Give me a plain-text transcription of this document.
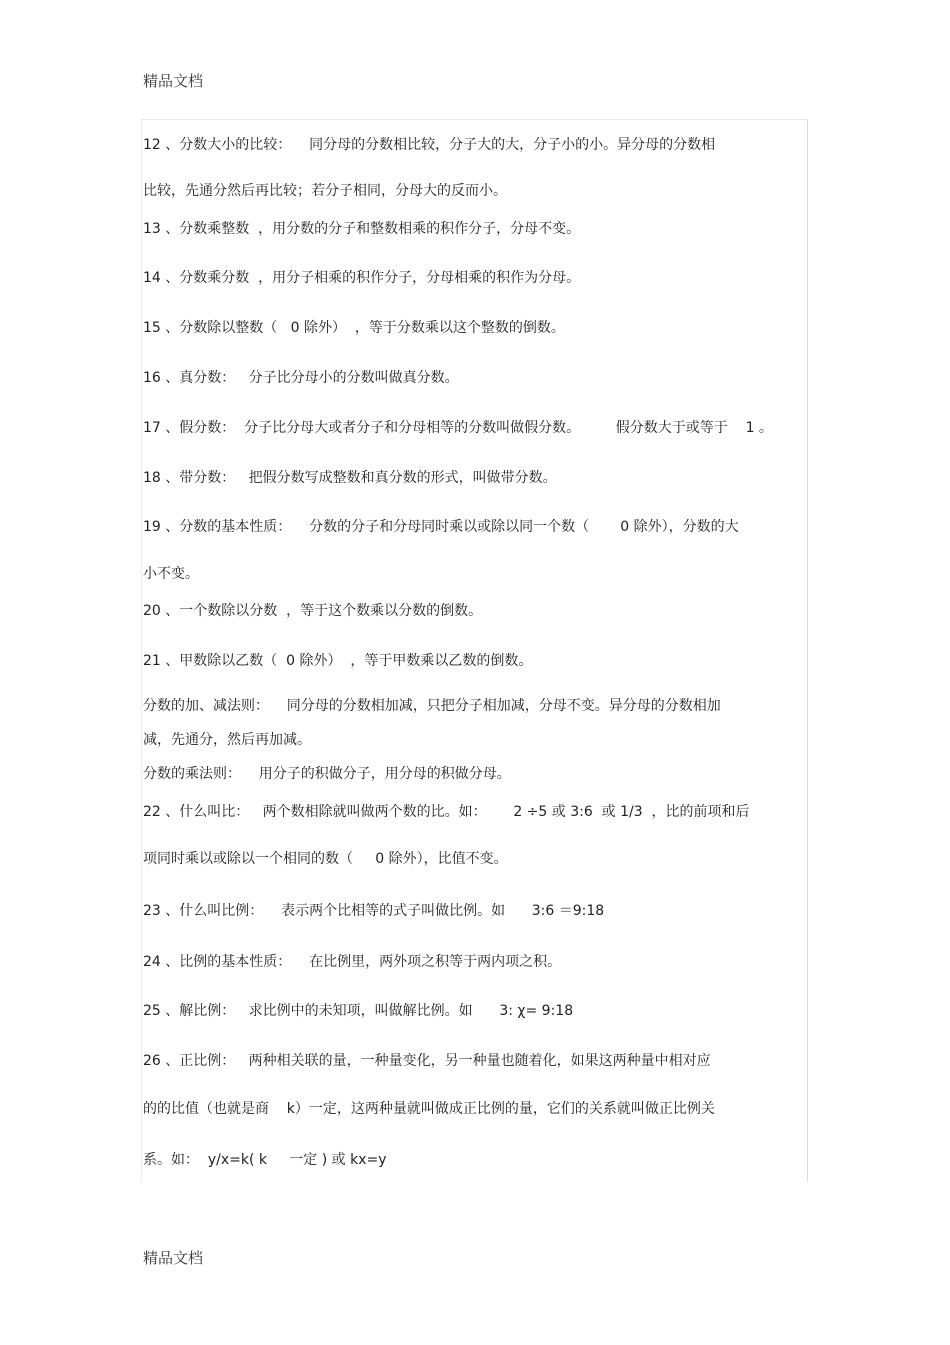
精品文档
12 、分数大小的比较：    同分母的分数相比较，分子大的大，分子小的小。异分母的分数相
比较，先通分然后再比较；若分子相同，分母大的反而小。
13 、分数乘整数  ，用分数的分子和整数相乘的积作分子，分母不变。
14 、分数乘分数  ，用分子相乘的积作分子，分母相乘的积作为分母。
15 、分数除以整数（   0 除外）  ，等于分数乘以这个整数的倒数。
16 、真分数：   分子比分母小的分数叫做真分数。
17 、假分数：  分子比分母大或者分子和分母相等的分数叫做假分数。        假分数大于或等于    1 。
18 、带分数：   把假分数写成整数和真分数的形式，叫做带分数。
19 、分数的基本性质：    分数的分子和分母同时乘以或除以同一个数（       0 除外），分数的大
小不变。
20 、一个数除以分数  ，等于这个数乘以分数的倒数。
21 、甲数除以乙数（  0 除外）  ，等于甲数乘以乙数的倒数。
分数的加、减法则：    同分母的分数相加减，只把分子相加减，分母不变。异分母的分数相加
减，先通分，然后再加减。
分数的乘法则：    用分子的积做分子，用分母的积做分母。
22 、什么叫比：   两个数相除就叫做两个数的比。如：      2 ÷5 或 3:6  或 1/3  ，比的前项和后
项同时乘以或除以一个相同的数（     0 除外），比值不变。
23 、什么叫比例：    表示两个比相等的式子叫做比例。如      3:6 ＝9:18
24 、比例的基本性质：    在比例里，两外项之积等于两内项之积。
25 、解比例：   求比例中的未知项，叫做解比例。如      3: χ= 9:18
26 、正比例：   两种相关联的量，一种量变化，另一种量也随着化，如果这两种量中相对应
的的比值（也就是商    k）一定，这两种量就叫做成正比例的量，它们的关系就叫做正比例关
系。如：  y/x=k( k     一定 ) 或 kx=y
精品文档
